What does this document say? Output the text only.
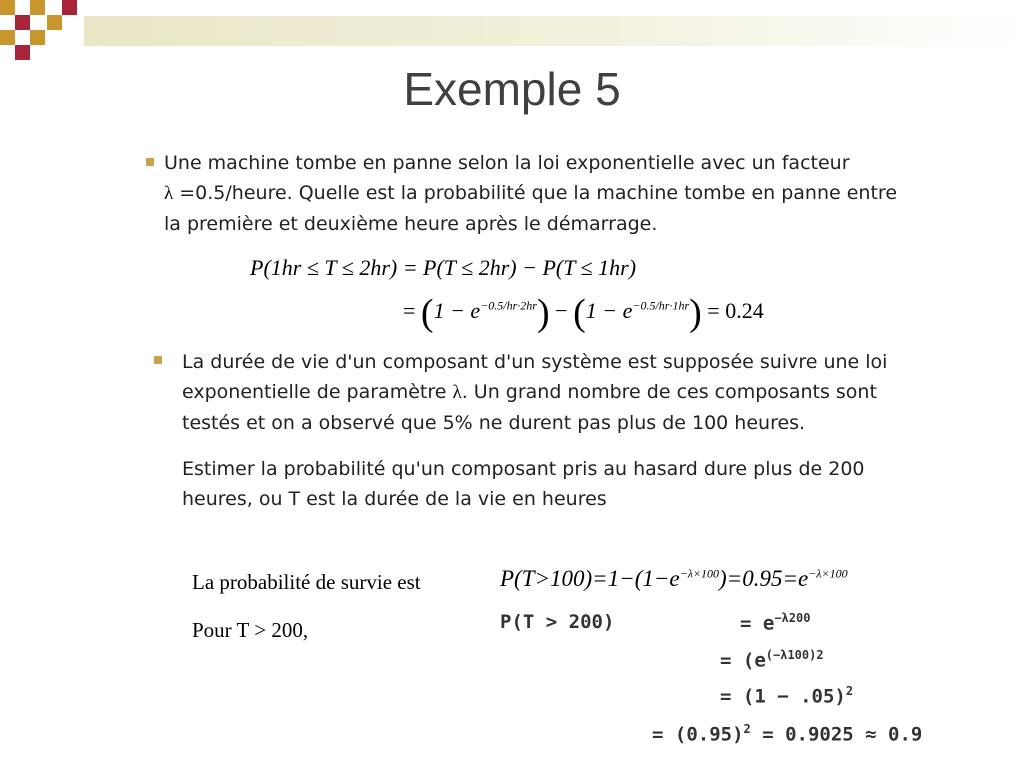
Exemple 5
Une machine tombe en panne selon la loi exponentielle avec un facteur
λ =0.5/heure. Quelle est la probabilité que la machine tombe en panne entre
la première et deuxième heure après le démarrage.
P(1hr ≤ T ≤ 2hr) = P(T ≤ 2hr) − P(T ≤ 1hr)
= $(1 - e^{-0.5/hr\cdot 2hr}) - (1 - e^{-0.5/hr\cdot 1hr}) = 0.24$
La durée de vie d'un composant d'un système est supposée suivre une loi
exponentielle de paramètre λ. Un grand nombre de ces composants sont
testés et on a observé que 5% ne durent pas plus de 100 heures.
Estimer la probabilité qu'un composant pris au hasard dure plus de 200
heures, ou T est la durée de la vie en heures
La probabilité de survie est
Pour T > 200,
$P(T>100)=1-(1-e^{-\lambda\times 100})=0.95=e^{-\lambda\times 100}$
P(T > 200)	= $e^{-\lambda 200}$
= ($e^{(-\lambda 100)2}$
= $(1 - .05)^2$
= $(0.95)^2 = 0.9025 \approx 0.9$
